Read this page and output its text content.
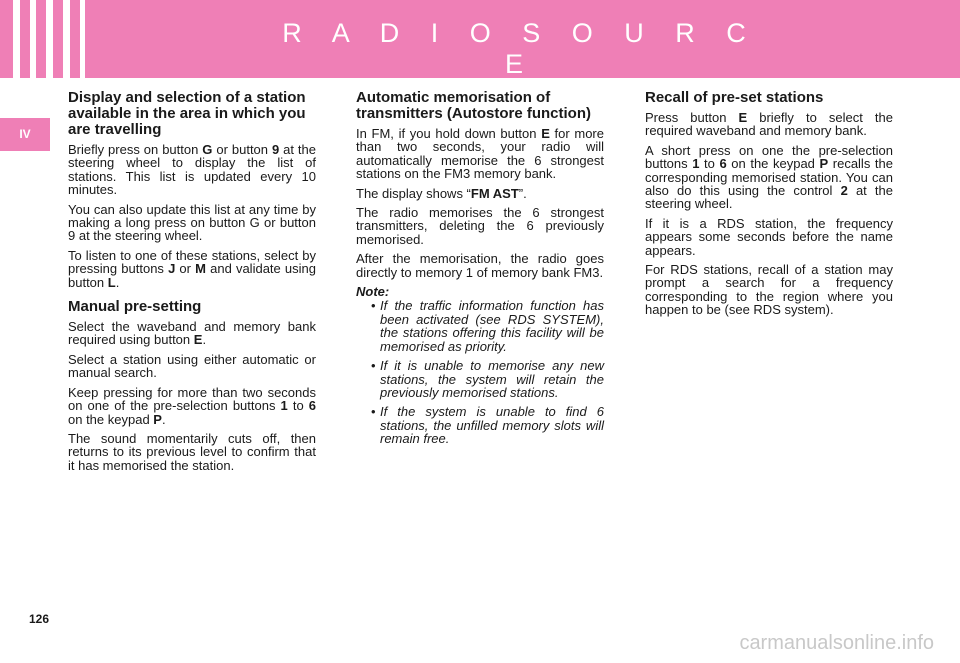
R A D I O S O U R C E
IV
Display and selection of a station available in the area in which you are travelling

Briefly press on button G or button 9 at the steering wheel to display the list of stations. This list is updated every 10 minutes.

You can also update this list at any time by making a long press on button G or button 9 at the steering wheel.

To listen to one of these stations, select by pressing buttons J or M and validate using button L.

Manual pre-setting

Select the waveband and memory bank required using button E.

Select a station using either automatic or manual search.

Keep pressing for more than two seconds on one of the pre-selection buttons 1 to 6 on the keypad P.

The sound momentarily cuts off, then returns to its previous level to confirm that it has memorised the station.

Automatic memorisation of transmitters (Autostore function)

In FM, if you hold down button E for more than two seconds, your radio will automatically memorise the 6 strongest stations on the FM3 memory bank.

The display shows “FM AST”.

The radio memorises the 6 strongest transmitters, deleting the 6 previously memorised.

After the memorisation, the radio goes directly to memory 1 of memory bank FM3.

Note:

• If the traffic information function has been activated (see RDS SYSTEM), the stations offering this facility will be memorised as priority.
• If it is unable to memorise any new stations, the system will retain the previously memorised stations.
• If the system is unable to find 6 stations, the unfilled memory slots will remain free.
Recall of pre-set stations

Press button E briefly to select the required waveband and memory bank.

A short press on one the pre-selection buttons 1 to 6 on the keypad P recalls the corresponding memorised station. You can also do this using the control 2 at the steering wheel.

If it is a RDS station, the frequency appears some seconds before the name appears.

For RDS stations, recall of a station may prompt a search for a frequency corresponding to the region where you happen to be (see RDS system).

126
carmanualsonline.info
